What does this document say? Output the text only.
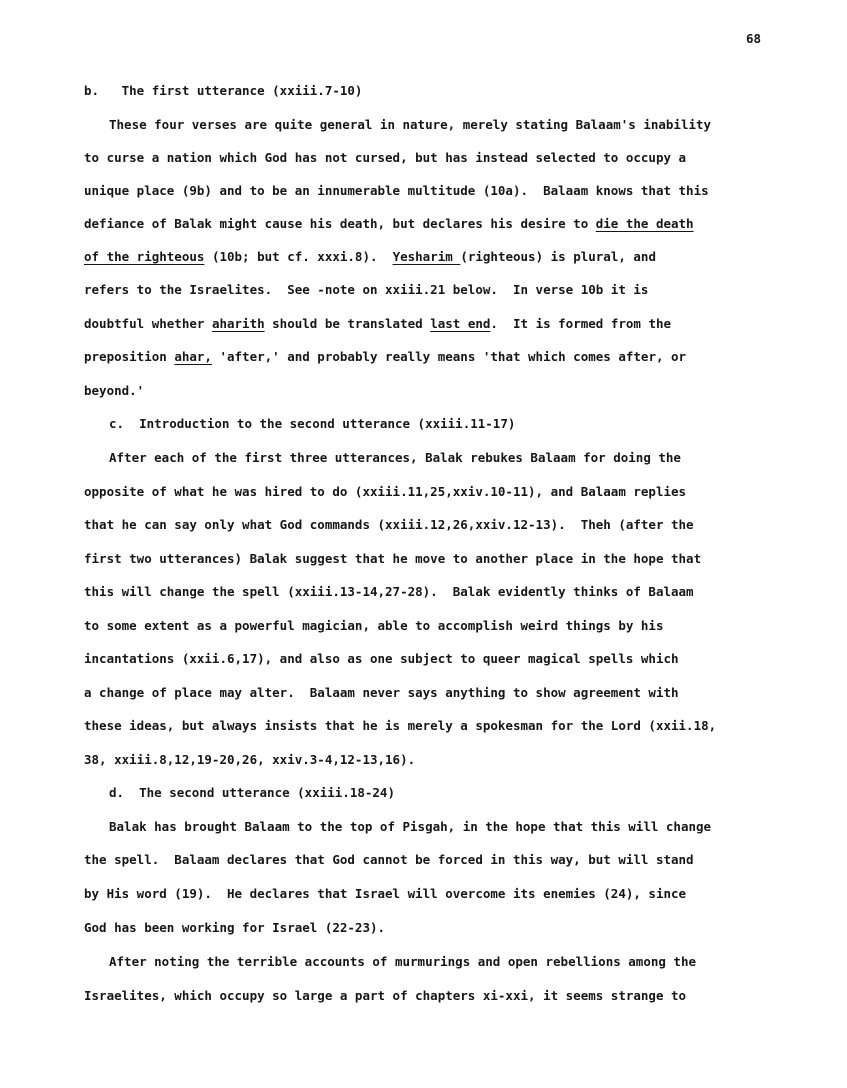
68
b.   The first utterance (xxiii.7-10)
These four verses are quite general in nature, merely stating Balaam's inability
to curse a nation which God has not cursed, but has instead selected to occupy a
unique place (9b) and to be an innumerable multitude (10a).  Balaam knows that this
defiance of Balak might cause his death, but declares his desire to die the death
of the righteous (10b; but cf. xxxi.8).  Yesharim (righteous) is plural, and
refers to the Israelites.  See -note on xxiii.21 below.  In verse 10b it is
doubtful whether aharith should be translated last end.  It is formed from the
preposition ahar, 'after,' and probably really means 'that which comes after, or
beyond.'
c.  Introduction to the second utterance (xxiii.11-17)
After each of the first three utterances, Balak rebukes Balaam for doing the
opposite of what he was hired to do (xxiii.11,25,xxiv.10-11), and Balaam replies
that he can say only what God commands (xxiii.12,26,xxiv.12-13).  Theh (after the
first two utterances) Balak suggest that he move to another place in the hope that
this will change the spell (xxiii.13-14,27-28).  Balak evidently thinks of Balaam
to some extent as a powerful magician, able to accomplish weird things by his
incantations (xxii.6,17), and also as one subject to queer magical spells which
a change of place may alter.  Balaam never says anything to show agreement with
these ideas, but always insists that he is merely a spokesman for the Lord (xxii.18,
38, xxiii.8,12,19-20,26, xxiv.3-4,12-13,16).
d.  The second utterance (xxiii.18-24)
Balak has brought Balaam to the top of Pisgah, in the hope that this will change
the spell.  Balaam declares that God cannot be forced in this way, but will stand
by His word (19).  He declares that Israel will overcome its enemies (24), since
God has been working for Israel (22-23).
After noting the terrible accounts of murmurings and open rebellions among the
Israelites, which occupy so large a part of chapters xi-xxi, it seems strange to
